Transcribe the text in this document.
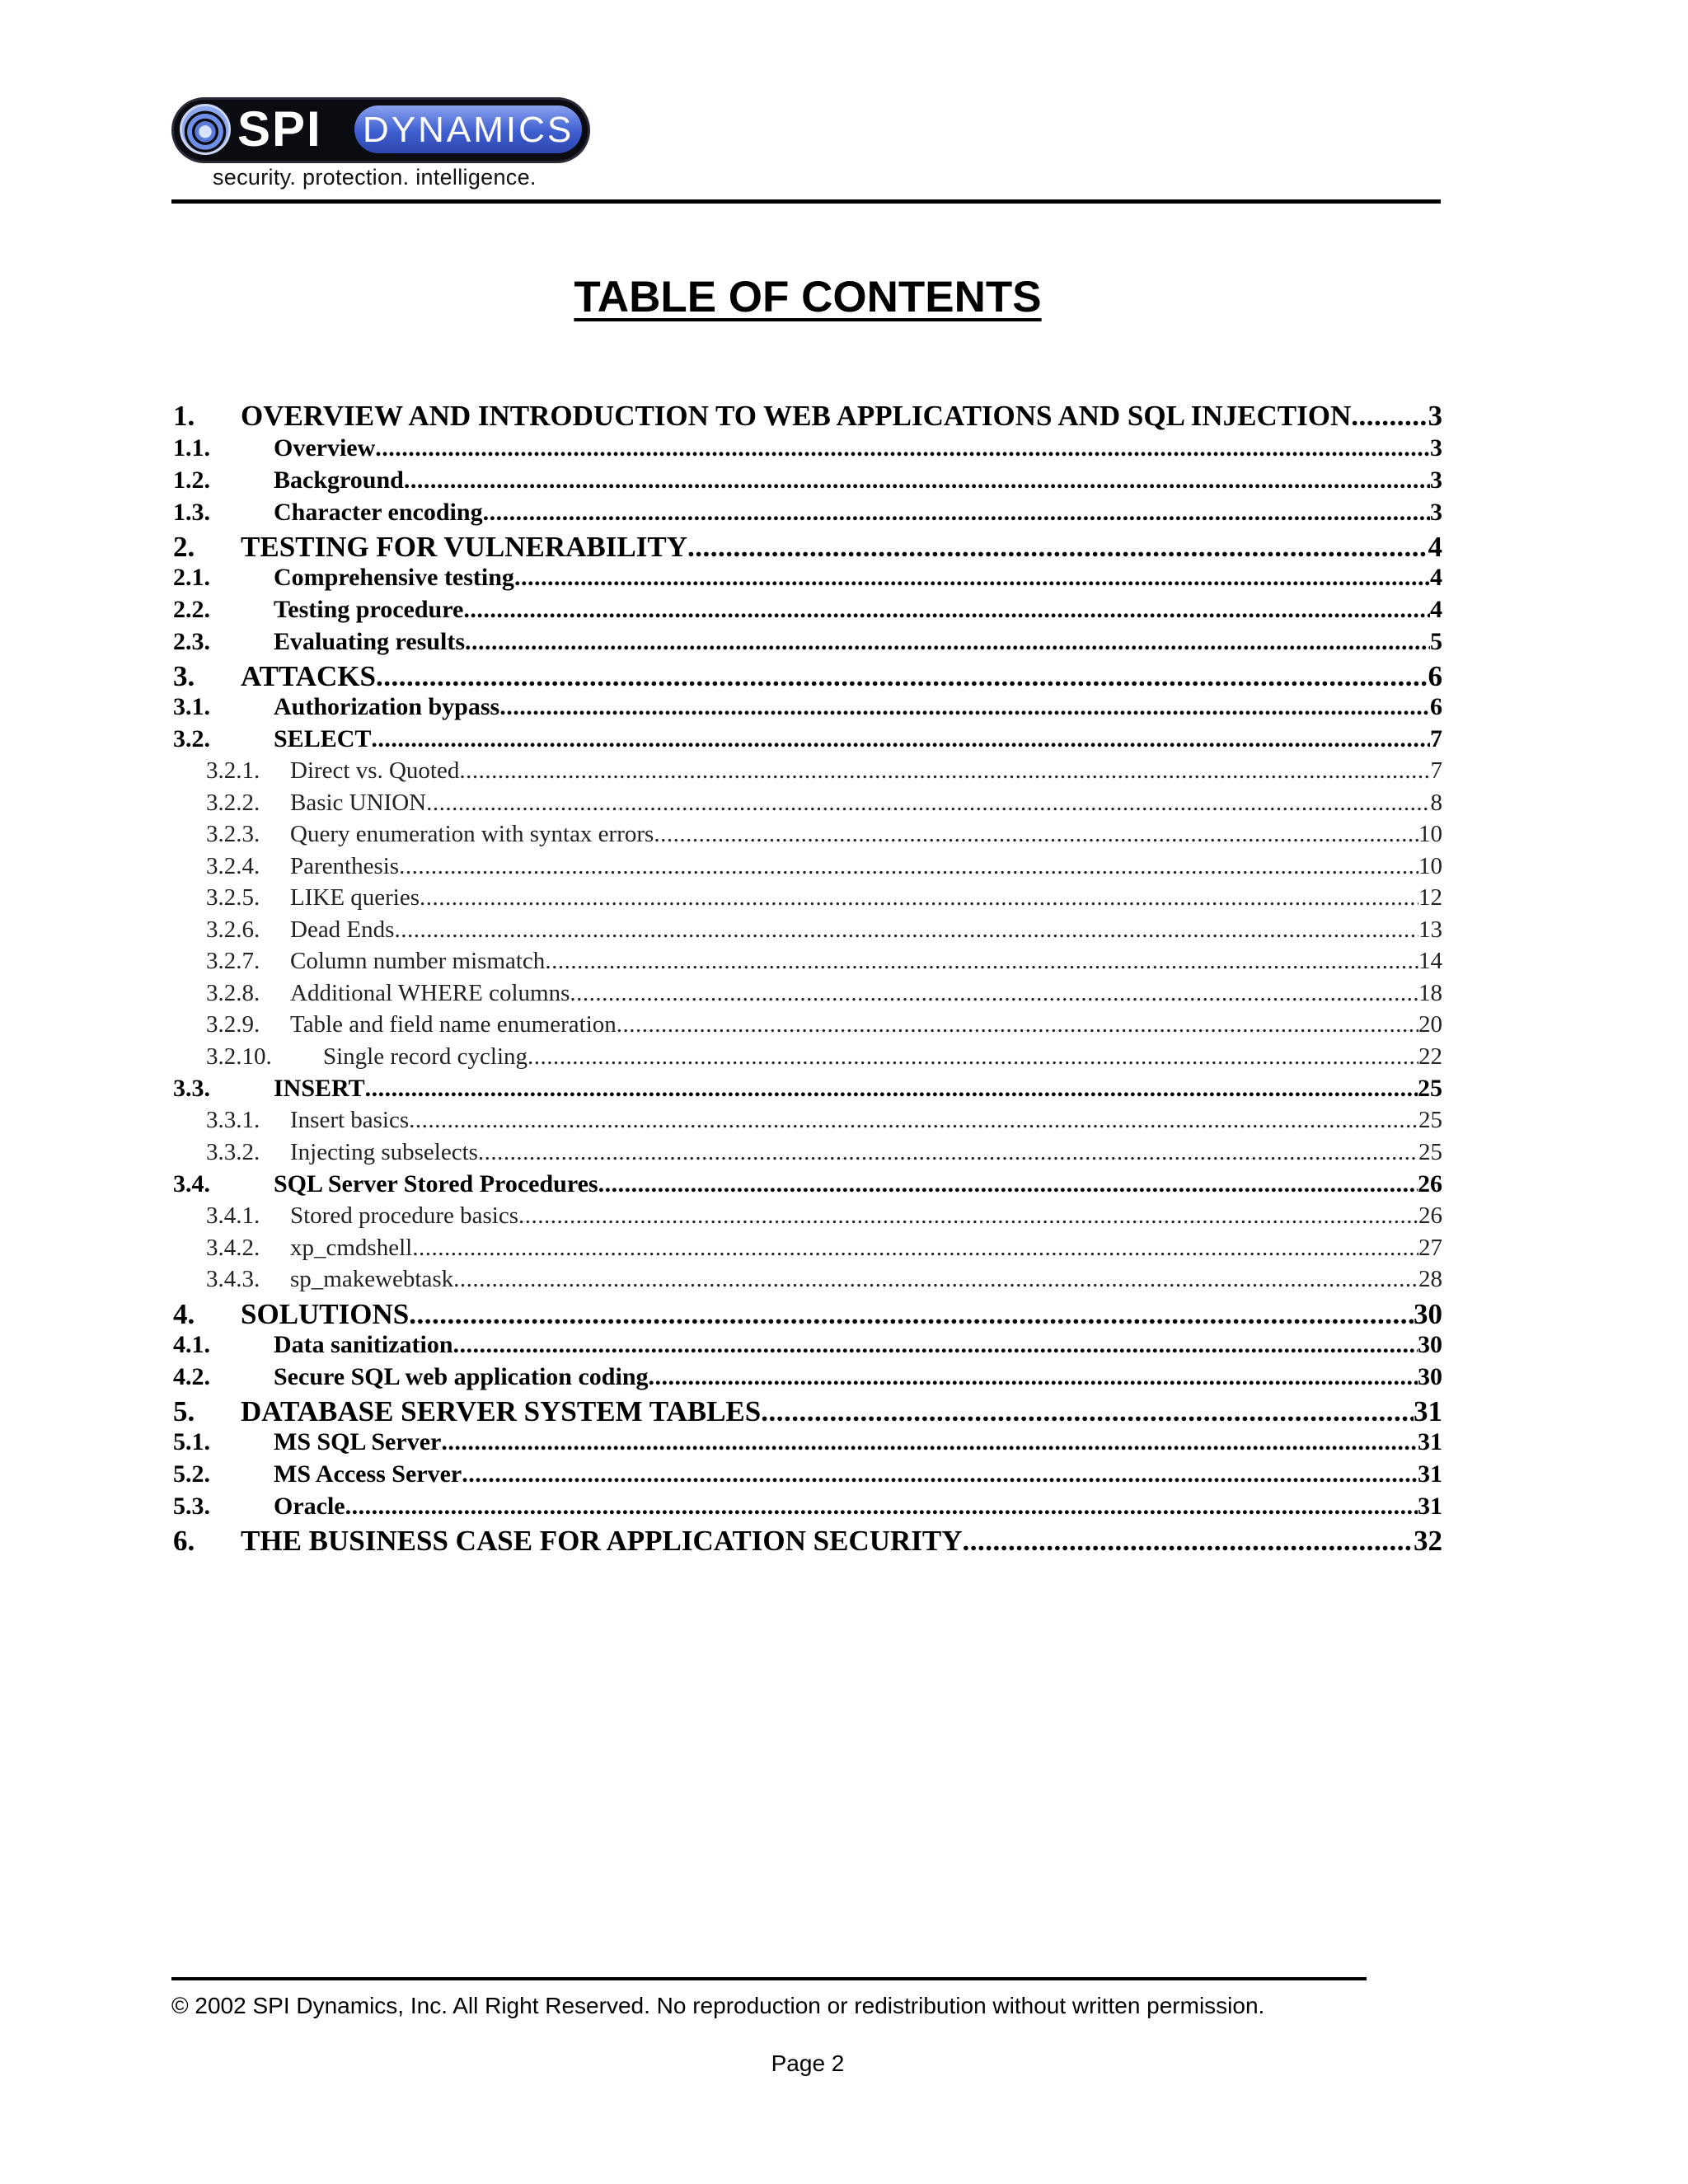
SPI DYNAMICS
security. protection. intelligence.
TABLE OF CONTENTS
1.	OVERVIEW AND INTRODUCTION TO WEB APPLICATIONS AND SQL INJECTION .....	3
1.1.	Overview .....	3
1.2.	Background .....	3
1.3.	Character encoding .....	3
2.	TESTING FOR VULNERABILITY .....	4
2.1.	Comprehensive testing .....	4
2.2.	Testing procedure .....	4
2.3.	Evaluating results .....	5
3.	ATTACKS .....	6
3.1.	Authorization bypass .....	6
3.2.	SELECT .....	7
3.2.1.	Direct vs. Quoted .....	7
3.2.2.	Basic UNION .....	8
3.2.3.	Query enumeration with syntax errors .....	10
3.2.4.	Parenthesis .....	10
3.2.5.	LIKE queries .....	12
3.2.6.	Dead Ends .....	13
3.2.7.	Column number mismatch .....	14
3.2.8.	Additional WHERE columns .....	18
3.2.9.	Table and field name enumeration .....	20
3.2.10.	Single record cycling .....	22
3.3.	INSERT .....	25
3.3.1.	Insert basics .....	25
3.3.2.	Injecting subselects .....	25
3.4.	SQL Server Stored Procedures .....	26
3.4.1.	Stored procedure basics .....	26
3.4.2.	xp_cmdshell .....	27
3.4.3.	sp_makewebtask .....	28
4.	SOLUTIONS .....	30
4.1.	Data sanitization .....	30
4.2.	Secure SQL web application coding .....	30
5.	DATABASE SERVER SYSTEM TABLES .....	31
5.1.	MS SQL Server .....	31
5.2.	MS Access Server .....	31
5.3.	Oracle .....	31
6.	THE BUSINESS CASE FOR APPLICATION SECURITY .....	32
© 2002 SPI Dynamics, Inc. All Right Reserved. No reproduction or redistribution without written permission.
Page 2
